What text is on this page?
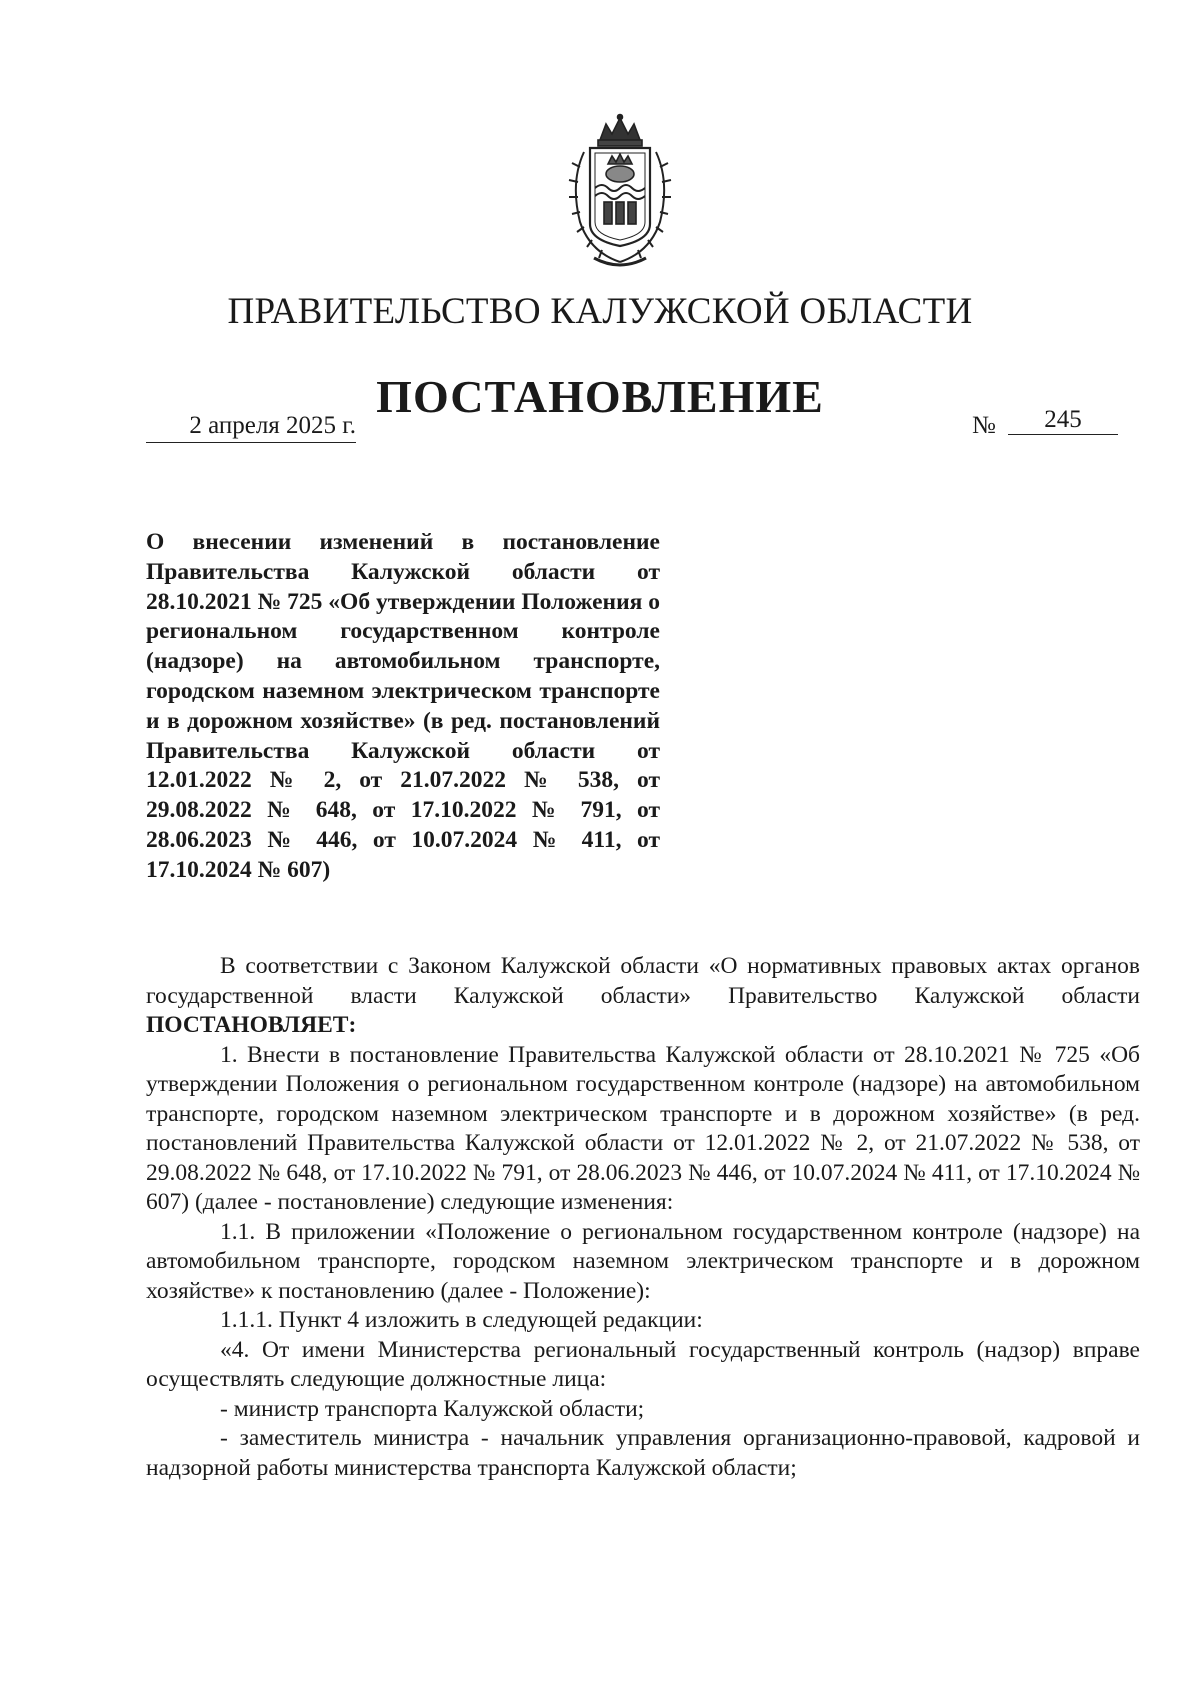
ПРАВИТЕЛЬСТВО КАЛУЖСКОЙ ОБЛАСТИ
ПОСТАНОВЛЕНИЕ
2 апреля 2025 г.	№ 245
О внесении изменений в постановление Правительства Калужской области от 28.10.2021 № 725 «Об утверждении Положения о региональном государственном контроле (надзоре) на автомобильном транспорте, городском наземном электрическом транспорте и в дорожном хозяйстве» (в ред. постановлений Правительства Калужской области от 12.01.2022 № 2, от 21.07.2022 № 538, от 29.08.2022 № 648, от 17.10.2022 № 791, от 28.06.2023 № 446, от 10.07.2024 № 411, от 17.10.2024 № 607)

В соответствии с Законом Калужской области «О нормативных правовых актах органов государственной власти Калужской области» Правительство Калужской области ПОСТАНОВЛЯЕТ:

1. Внести в постановление Правительства Калужской области от 28.10.2021 № 725 «Об утверждении Положения о региональном государственном контроле (надзоре) на автомобильном транспорте, городском наземном электрическом транспорте и в дорожном хозяйстве» (в ред. постановлений Правительства Калужской области от 12.01.2022 № 2, от 21.07.2022 № 538, от 29.08.2022 № 648, от 17.10.2022 № 791, от 28.06.2023 № 446, от 10.07.2024 № 411, от 17.10.2024 № 607) (далее - постановление) следующие изменения:

1.1. В приложении «Положение о региональном государственном контроле (надзоре) на автомобильном транспорте, городском наземном электрическом транспорте и в дорожном хозяйстве» к постановлению (далее - Положение):

1.1.1. Пункт 4 изложить в следующей редакции:

«4. От имени Министерства региональный государственный контроль (надзор) вправе осуществлять следующие должностные лица:

- министр транспорта Калужской области;

- заместитель министра - начальник управления организационно-правовой, кадровой и надзорной работы министерства транспорта Калужской области;
